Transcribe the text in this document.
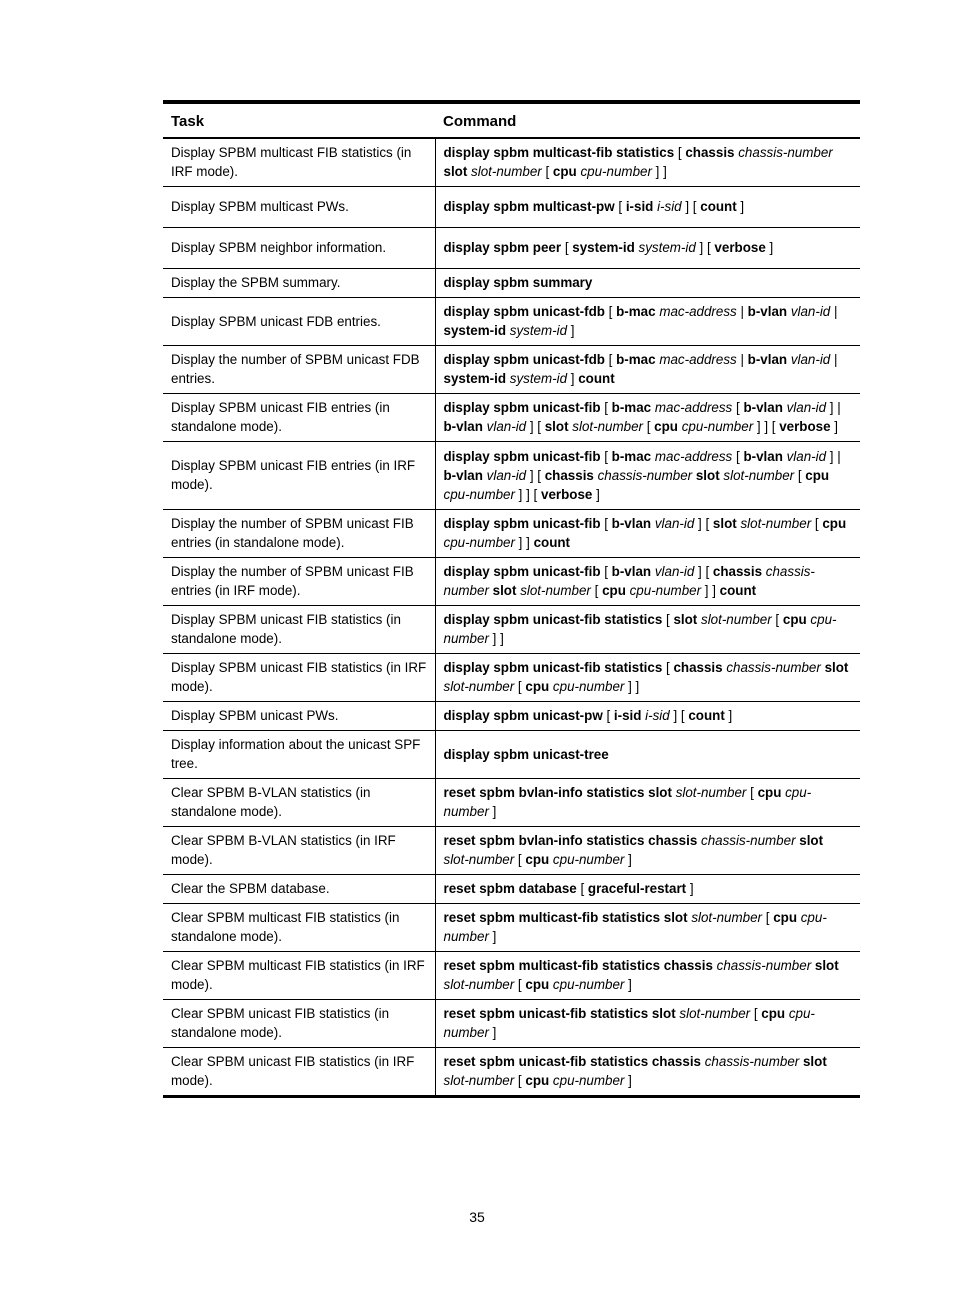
Task	Command
Display SPBM multicast FIB statistics (in IRF mode).	display spbm multicast-fib statistics [ chassis chassis-number slot slot-number [ cpu cpu-number ] ]
Display SPBM multicast PWs.	display spbm multicast-pw [ i-sid i-sid ] [ count ]
Display SPBM neighbor information.	display spbm peer [ system-id system-id ] [ verbose ]
Display the SPBM summary.	display spbm summary
Display SPBM unicast FDB entries.	display spbm unicast-fdb [ b-mac mac-address | b-vlan vlan-id | system-id system-id ]
Display the number of SPBM unicast FDB entries.	display spbm unicast-fdb [ b-mac mac-address | b-vlan vlan-id | system-id system-id ] count
Display SPBM unicast FIB entries (in standalone mode).	display spbm unicast-fib [ b-mac mac-address [ b-vlan vlan-id ] | b-vlan vlan-id ] [ slot slot-number [ cpu cpu-number ] ] [ verbose ]
Display SPBM unicast FIB entries (in IRF mode).	display spbm unicast-fib [ b-mac mac-address [ b-vlan vlan-id ] | b-vlan vlan-id ] [ chassis chassis-number slot slot-number [ cpu cpu-number ] ] [ verbose ]
Display the number of SPBM unicast FIB entries (in standalone mode).	display spbm unicast-fib [ b-vlan vlan-id ] [ slot slot-number [ cpu cpu-number ] ] count
Display the number of SPBM unicast FIB entries (in IRF mode).	display spbm unicast-fib [ b-vlan vlan-id ] [ chassis chassis-number slot slot-number [ cpu cpu-number ] ] count
Display SPBM unicast FIB statistics (in standalone mode).	display spbm unicast-fib statistics [ slot slot-number [ cpu cpu-number ] ]
Display SPBM unicast FIB statistics (in IRF mode).	display spbm unicast-fib statistics [ chassis chassis-number slot slot-number [ cpu cpu-number ] ]
Display SPBM unicast PWs.	display spbm unicast-pw [ i-sid i-sid ] [ count ]
Display information about the unicast SPF tree.	display spbm unicast-tree
Clear SPBM B-VLAN statistics (in standalone mode).	reset spbm bvlan-info statistics slot slot-number [ cpu cpu-number ]
Clear SPBM B-VLAN statistics (in IRF mode).	reset spbm bvlan-info statistics chassis chassis-number slot slot-number [ cpu cpu-number ]
Clear the SPBM database.	reset spbm database [ graceful-restart ]
Clear SPBM multicast FIB statistics (in standalone mode).	reset spbm multicast-fib statistics slot slot-number [ cpu cpu-number ]
Clear SPBM multicast FIB statistics (in IRF mode).	reset spbm multicast-fib statistics chassis chassis-number slot slot-number [ cpu cpu-number ]
Clear SPBM unicast FIB statistics (in standalone mode).	reset spbm unicast-fib statistics slot slot-number [ cpu cpu-number ]
Clear SPBM unicast FIB statistics (in IRF mode).	reset spbm unicast-fib statistics chassis chassis-number slot slot-number [ cpu cpu-number ]
35
